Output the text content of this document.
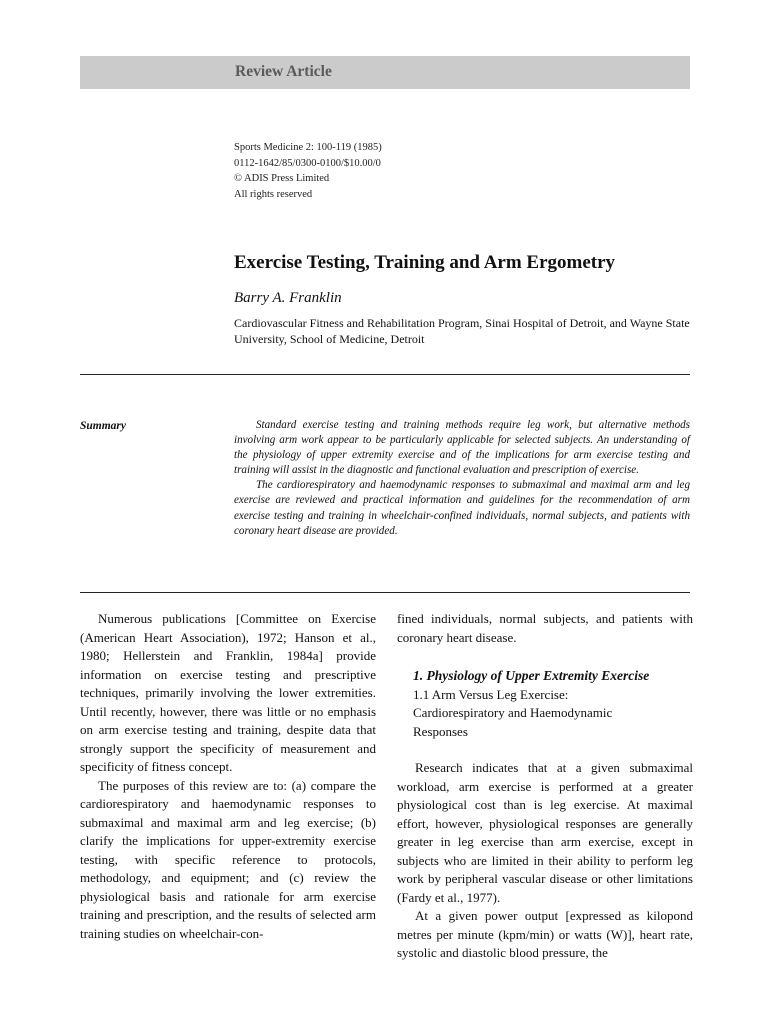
Review Article
Sports Medicine 2: 100-119 (1985)
0112-1642/85/0300-0100/$10.00/0
© ADIS Press Limited
All rights reserved
Exercise Testing, Training and Arm Ergometry
Barry A. Franklin
Cardiovascular Fitness and Rehabilitation Program, Sinai Hospital of Detroit, and Wayne State University, School of Medicine, Detroit
Summary	Standard exercise testing and training methods require leg work, but alternative methods involving arm work appear to be particularly applicable for selected subjects. An understanding of the physiology of upper extremity exercise and of the implications for arm exercise testing and training will assist in the diagnostic and functional evaluation and prescription of exercise.

The cardiorespiratory and haemodynamic responses to submaximal and maximal arm and leg exercise are reviewed and practical information and guidelines for the recommendation of arm exercise testing and training in wheelchair-confined individuals, normal subjects, and patients with coronary heart disease are provided.

Numerous publications [Committee on Exercise (American Heart Association), 1972; Hanson et al., 1980; Hellerstein and Franklin, 1984a] provide information on exercise testing and prescriptive techniques, primarily involving the lower extremities. Until recently, however, there was little or no emphasis on arm exercise testing and training, despite data that strongly support the specificity of measurement and specificity of fitness concept.

The purposes of this review are to: (a) compare the cardiorespiratory and haemodynamic responses to submaximal and maximal arm and leg exercise; (b) clarify the implications for upper-extremity exercise testing, with specific reference to protocols, methodology, and equipment; and (c) review the physiological basis and rationale for arm exercise training and prescription, and the results of selected arm training studies on wheelchair-con-

fined individuals, normal subjects, and patients with coronary heart disease.

1. Physiology of Upper Extremity Exercise
1.1 Arm Versus Leg Exercise:
Cardiorespiratory and Haemodynamic
Responses

Research indicates that at a given submaximal workload, arm exercise is performed at a greater physiological cost than is leg exercise. At maximal effort, however, physiological responses are generally greater in leg exercise than arm exercise, except in subjects who are limited in their ability to perform leg work by peripheral vascular disease or other limitations (Fardy et al., 1977).

At a given power output [expressed as kilopond metres per minute (kpm/min) or watts (W)], heart rate, systolic and diastolic blood pressure, the
